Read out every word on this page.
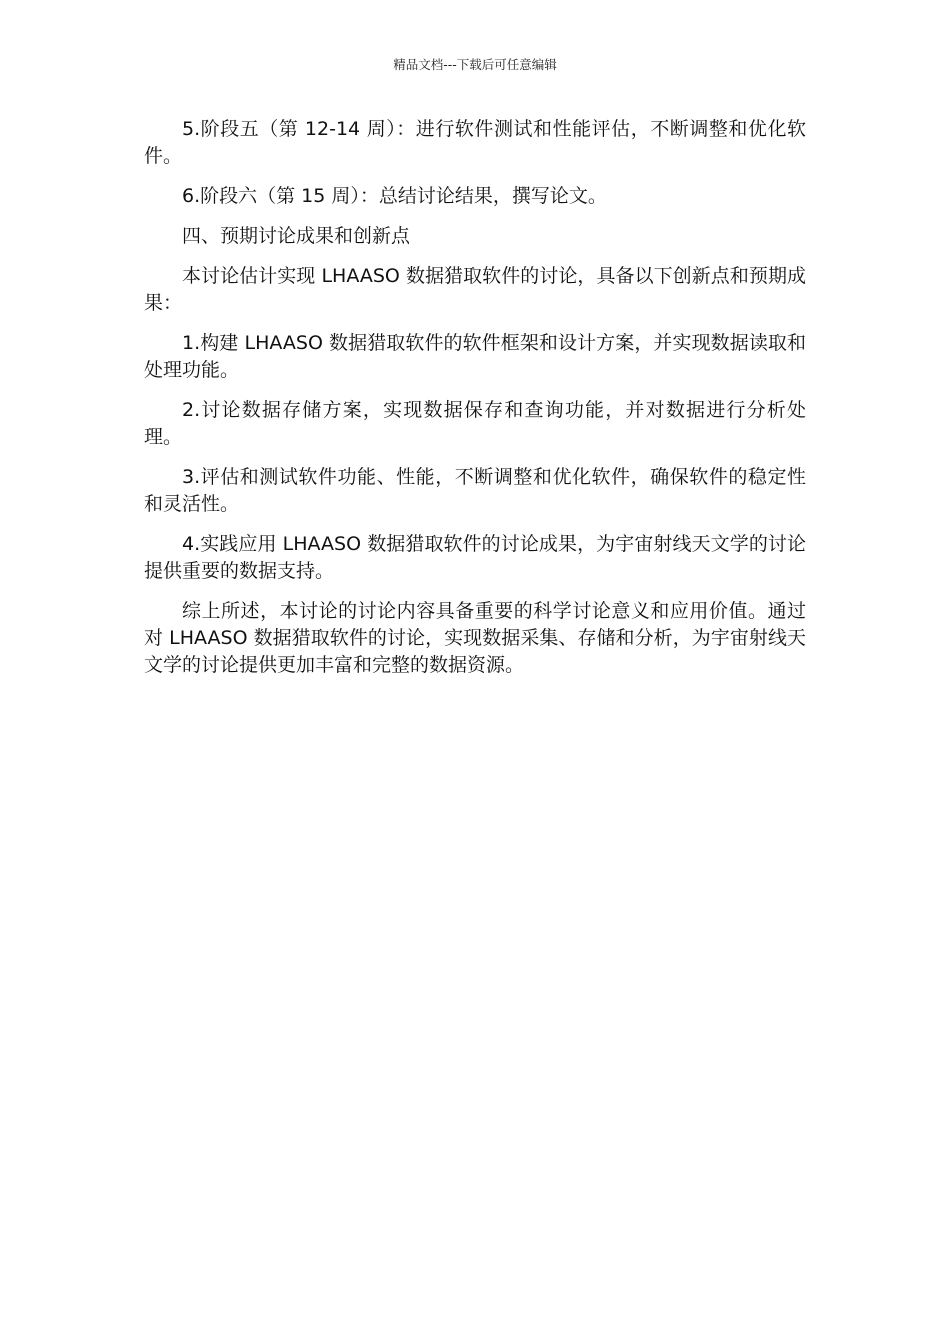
精品文档---下载后可任意编辑

5.阶段五（第 12-14 周）：进行软件测试和性能评估，不断调整和优化软件。

6.阶段六（第 15 周）：总结讨论结果，撰写论文。

四、预期讨论成果和创新点

本讨论估计实现 LHAASO 数据猎取软件的讨论，具备以下创新点和预期成果：

1.构建 LHAASO 数据猎取软件的软件框架和设计方案，并实现数据读取和处理功能。

2.讨论数据存储方案，实现数据保存和查询功能，并对数据进行分析处理。

3.评估和测试软件功能、性能，不断调整和优化软件，确保软件的稳定性和灵活性。

4.实践应用 LHAASO 数据猎取软件的讨论成果，为宇宙射线天文学的讨论提供重要的数据支持。

综上所述，本讨论的讨论内容具备重要的科学讨论意义和应用价值。通过对 LHAASO 数据猎取软件的讨论，实现数据采集、存储和分析，为宇宙射线天文学的讨论提供更加丰富和完整的数据资源。
